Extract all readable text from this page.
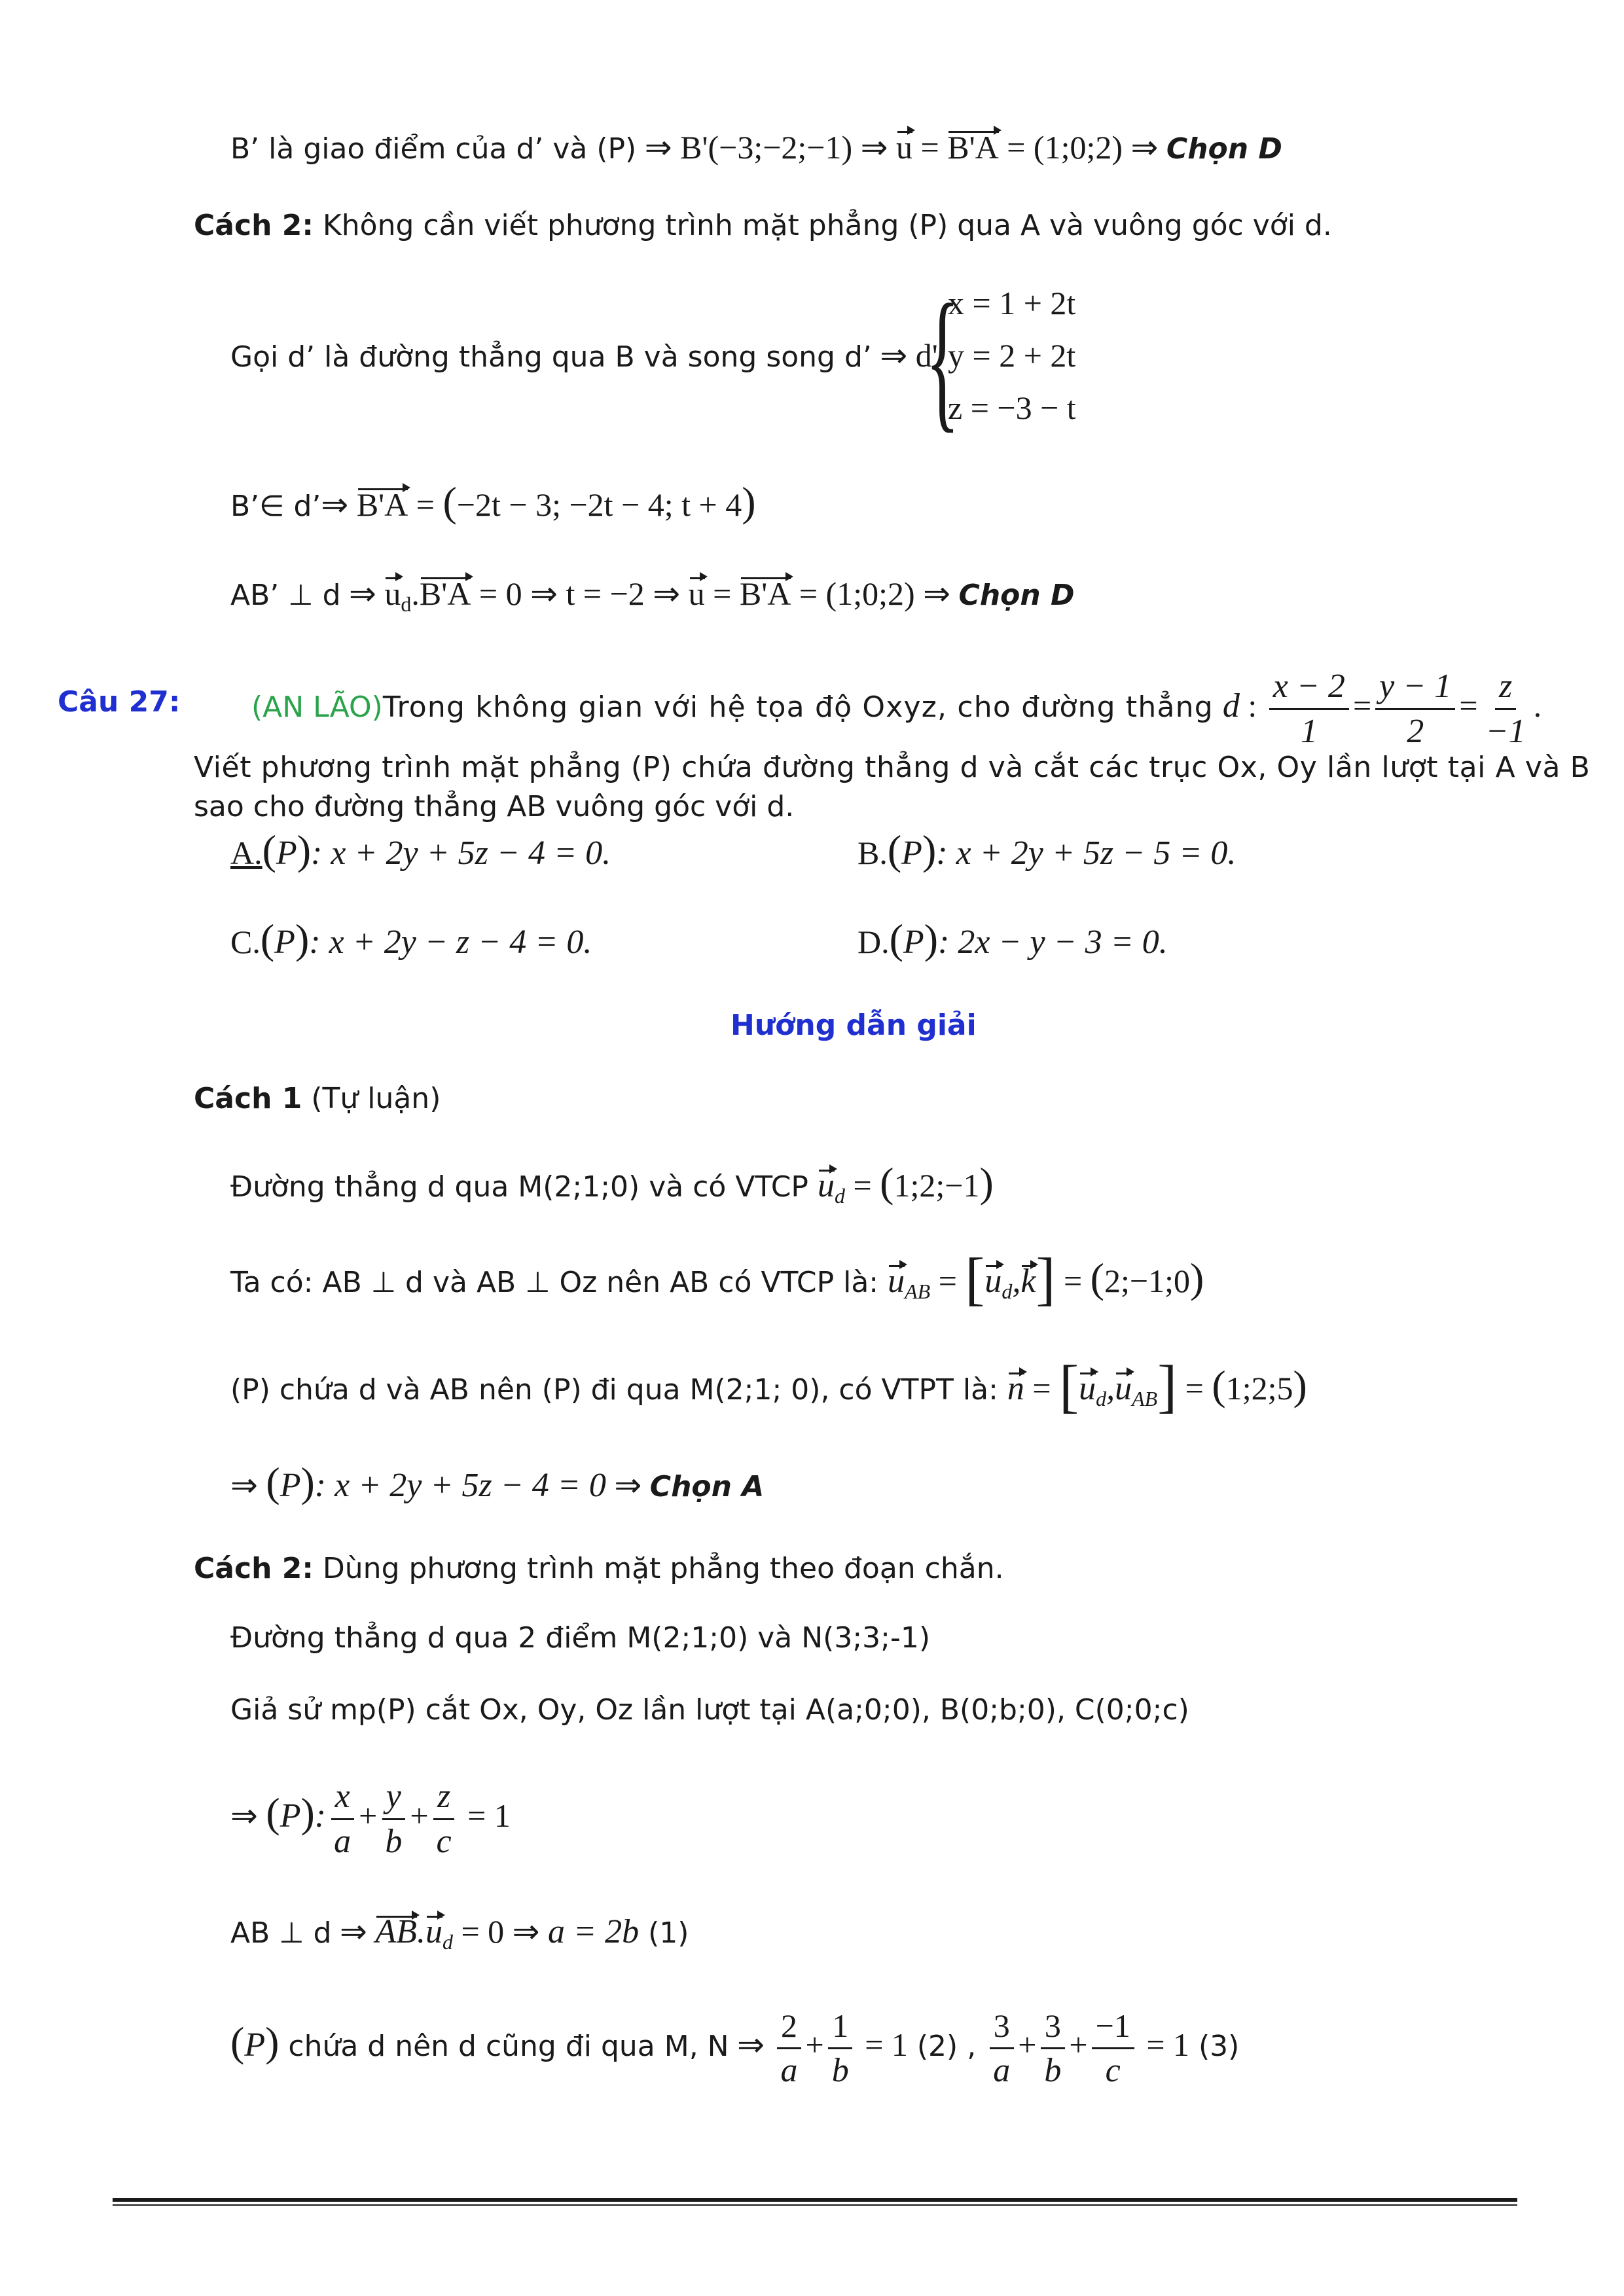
B’ là giao điểm của d’ và (P) ⇒ B'(−3;−2;−1) ⇒ u = B'A = (1;0;2) ⇒ Chọn D
Cách 2: Không cần viết phương trình mặt phẳng (P) qua A và vuông góc với d.
Gọi d’ là đường thẳng qua B và song song d’ ⇒ d'
{
x = 1 + 2t
y = 2 + 2t
z = −3 − t
B’∈ d’⇒ B'A = (−2t − 3; −2t − 4; t + 4)
AB’ ⊥ d ⇒ $u_d.B'A = 0$ ⇒ t = −2 ⇒ u = B'A = (1;0;2) ⇒ Chọn D
Câu 27: (AN LÃO)Trong không gian với hệ tọa độ Oxyz, cho đường thẳng d : $\frac{x - 2}{1} = \frac{y - 1}{2} = \frac{z}{-1}$ .
Viết phương trình mặt phẳng (P) chứa đường thẳng d và cắt các trục Ox, Oy lần lượt tại A và B
sao cho đường thẳng AB vuông góc với d.
A.(P): x + 2y + 5z − 4 = 0.	B.(P): x + 2y + 5z − 5 = 0.
C.(P): x + 2y − z − 4 = 0.	D.(P): 2x − y − 3 = 0.
Hướng dẫn giải
Cách 1 (Tự luận)
Đường thẳng d qua M(2;1;0) và có VTCP $u_d$ = (1;2;−1)
Ta có: AB ⊥ d và AB ⊥ Oz nên AB có VTCP là: $u_{AB} = [u_d,k]$ = (2;−1;0)
(P) chứa d và AB nên (P) đi qua M(2;1; 0), có VTPT là: $n = [u_d,u_{AB}]$ = (1;2;5)
⇒ (P): x + 2y + 5z − 4 = 0 ⇒ Chọn A
Cách 2: Dùng phương trình mặt phẳng theo đoạn chắn.
Đường thẳng d qua 2 điểm M(2;1;0) và N(3;3;-1)
Giả sử mp(P) cắt Ox, Oy, Oz lần lượt tại A(a;0;0), B(0;b;0), C(0;0;c)
⇒ (P): $\frac{x}{a} + \frac{y}{b} + \frac{z}{c} = 1$
AB ⊥ d ⇒ $AB.u_d = 0$ ⇒ a = 2b (1)
(P) chứa d nên d cũng đi qua M, N ⇒ $\frac{2}{a} + \frac{1}{b} = 1$ (2) , $\frac{3}{a} + \frac{3}{b} + \frac{-1}{c} = 1$ (3)
